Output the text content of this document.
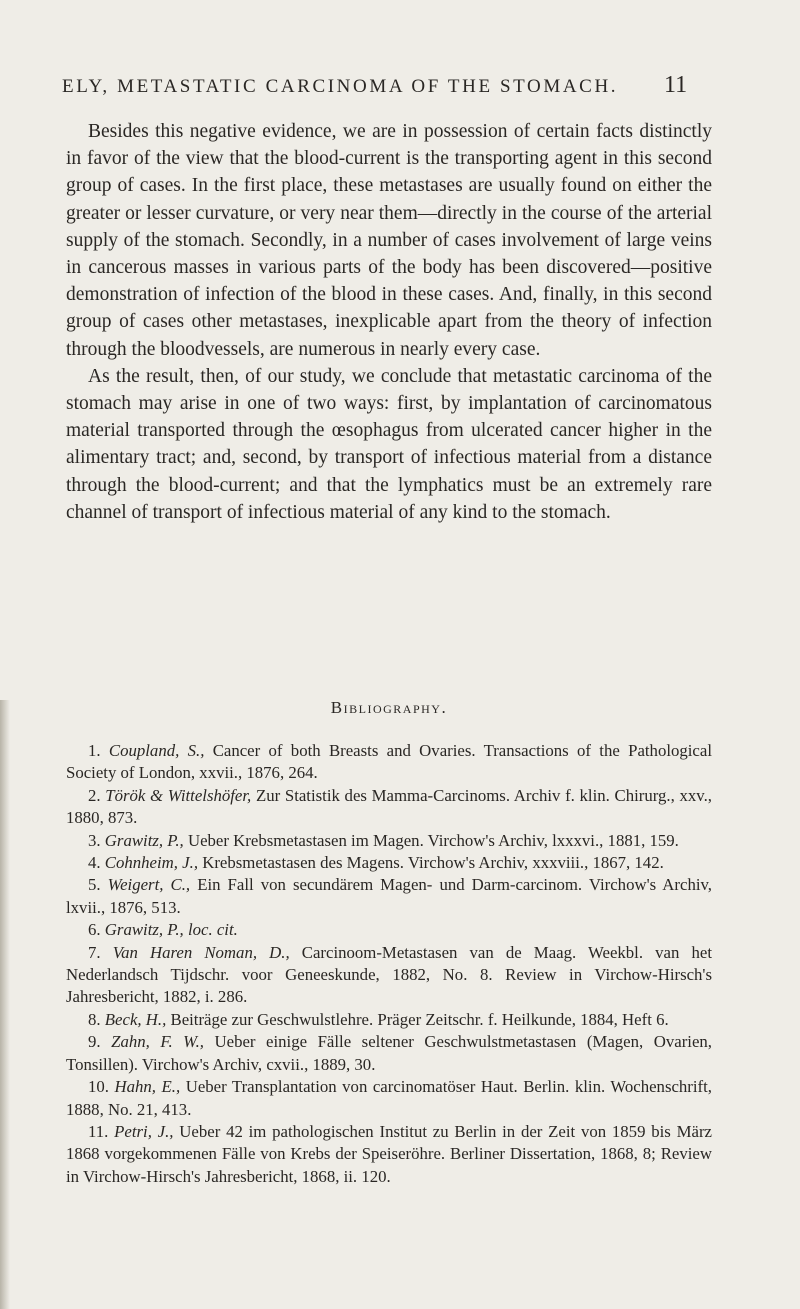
ELY, METASTATIC CARCINOMA OF THE STOMACH.	11

Besides this negative evidence, we are in possession of certain facts distinctly in favor of the view that the blood-current is the transporting agent in this second group of cases. In the first place, these metastases are usually found on either the greater or lesser curvature, or very near them—directly in the course of the arterial supply of the stomach. Secondly, in a number of cases involvement of large veins in cancerous masses in various parts of the body has been discovered—positive demonstration of infection of the blood in these cases. And, finally, in this second group of cases other metastases, inexplicable apart from the theory of infection through the bloodvessels, are numerous in nearly every case.

As the result, then, of our study, we conclude that metastatic carcinoma of the stomach may arise in one of two ways: first, by implantation of carcinomatous material transported through the œsophagus from ulcerated cancer higher in the alimentary tract; and, second, by transport of infectious material from a distance through the blood-current; and that the lymphatics must be an extremely rare channel of transport of infectious material of any kind to the stomach.

Bibliography.
1. Coupland, S., Cancer of both Breasts and Ovaries. Transactions of the Pathological Society of London, xxvii., 1876, 264.
2. Török & Wittelshöfer, Zur Statistik des Mamma-Carcinoms. Archiv f. klin. Chirurg., xxv., 1880, 873.
3. Grawitz, P., Ueber Krebsmetastasen im Magen. Virchow's Archiv, lxxxvi., 1881, 159.
4. Cohnheim, J., Krebsmetastasen des Magens. Virchow's Archiv, xxxviii., 1867, 142.
5. Weigert, C., Ein Fall von secundärem Magen- und Darm-carcinom. Virchow's Archiv, lxvii., 1876, 513.
6. Grawitz, P., loc. cit.
7. Van Haren Noman, D., Carcinoom-Metastasen van de Maag. Weekbl. van het Nederlandsch Tijdschr. voor Geneeskunde, 1882, No. 8. Review in Virchow-Hirsch's Jahresbericht, 1882, i. 286.
8. Beck, H., Beiträge zur Geschwulstlehre. Präger Zeitschr. f. Heilkunde, 1884, Heft 6.
9. Zahn, F. W., Ueber einige Fälle seltener Geschwulstmetastasen (Magen, Ovarien, Tonsillen). Virchow's Archiv, cxvii., 1889, 30.
10. Hahn, E., Ueber Transplantation von carcinomatöser Haut. Berlin. klin. Wochenschrift, 1888, No. 21, 413.
11. Petri, J., Ueber 42 im pathologischen Institut zu Berlin in der Zeit von 1859 bis März 1868 vorgekommenen Fälle von Krebs der Speiseröhre. Berliner Dissertation, 1868, 8; Review in Virchow-Hirsch's Jahresbericht, 1868, ii. 120.
